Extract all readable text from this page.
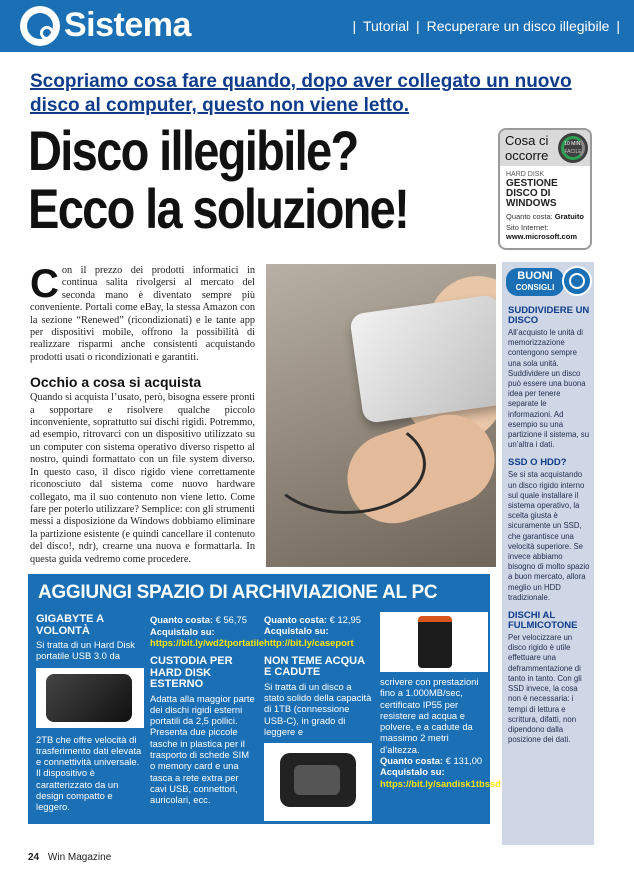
Sistema	| Tutorial | Recuperare un disco illegibile |
Scopriamo cosa fare quando, dopo aver collegato un nuovo disco al computer, questo non viene letto.
Disco illegibile?
Ecco la soluzione!
Cosa ci occorre
10 MIN.
FACILE
HARD DISK
GESTIONE DISCO DI WINDOWS
Quanto costa: Gratuito
Sito Internet:
www.microsoft.com
C on il prezzo dei prodotti informatici in continua salita rivolgersi al mercato del seconda mano è diventato sempre più conveniente. Portali come eBay, la stessa Amazon con la sezione “Renewed” (ricondizionati) e le tante app per dispositivi mobile, offrono la possibilità di realizzare risparmi anche consistenti acquistando prodotti usati o ricondizionati e garantiti.
Occhio a cosa si acquista
Quando si acquista l’usato, però, bisogna essere pronti a sopportare e risolvere qualche piccolo inconveniente, soprattutto sui dischi rigidi. Potremmo, ad esempio, ritrovarci con un dispositivo utilizzato su un computer con sistema operativo diverso rispetto al nostro, quindi formattato con un file system diverso. In questo caso, il disco rigido viene correttamente riconosciuto dal sistema come nuovo hardware collegato, ma il suo contenuto non viene letto. Come fare per poterlo utilizzare? Semplice: con gli strumenti messi a disposizione da Windows dobbiamo eliminare la partizione esistente (e quindi cancellare il contenuto del disco!, ndr), crearne una nuova e formattarla. In questa guida vedremo come procedere.
BUONI
CONSIGLI
SUDDIVIDERE UN DISCO
All’acquisto le unità di memorizzazione contengono sempre una sola unità. Suddividere un disco può essere una buona idea per tenere separate le informazioni. Ad esempio su una partizione il sistema, su un’altra i dati.
SSD O HDD?
Se si sta acquistando un disco rigido interno sul quale installare il sistema operativo, la scelta giusta è sicuramente un SSD, che garantisce una velocità superiore. Se invece abbiamo bisogno di molto spazio a buon mercato, allora meglio un HDD tradizionale.
DISCHI AL FULMICOTONE
Per velocizzare un disco rigido è utile effettuare una deframmentazione di tanto in tanto. Con gli SSD invece, la cosa non è necessaria: i tempi di lettura e scrittura, difatti, non dipendono dalla posizione dei dati.
AGGIUNGI SPAZIO DI ARCHIVIAZIONE AL PC
GIGABYTE A VOLONTÀ
Si tratta di un Hard Disk portatile USB 3.0 da
2TB che offre velocità di trasferimento dati elevata e connettività universale. Il dispositivo è caratterizzato da un design compatto e leggero.
Quanto costa: € 56,75
Acquistalo su: https://bit.ly/wd2tportatile
CUSTODIA PER HARD DISK ESTERNO
Adatta alla maggior parte dei dischi rigidi esterni portatili da 2,5 pollici. Presenta due piccole tasche in plastica per il trasporto di schede SIM o memory card e una tasca a rete extra per cavi USB, connettori, auricolari, ecc.
Quanto costa: € 12,95
Acquistalo su:
http://bit.ly/caseport
NON TEME ACQUA E CADUTE
Si tratta di un disco a stato solido della capacità di 1TB (connessione USB-C), in grado di leggere e
scrivere con prestazioni fino a 1.000MB/sec, certificato IP55 per resistere ad acqua e polvere, e a cadute da massimo 2 metri d’altezza.
Quanto costa: € 131,00
Acquistalo su: https://bit.ly/sandisk1tbssd
24 Win Magazine
